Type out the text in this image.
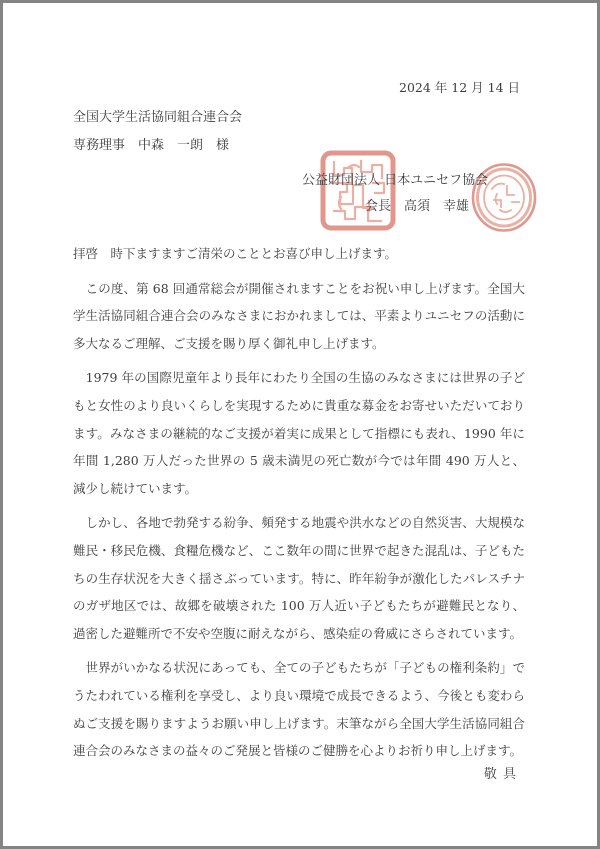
2024 年 12 月 14 日
全国大学生活協同組合連合会
専務理事　中森　一朗　様
公益財団法人 日本ユニセフ協会
会長　高須　幸雄

拝啓　時下ますますご清栄のこととお喜び申し上げます。

　この度、第 68 回通常総会が開催されますことをお祝い申し上げます。全国大学生活協同組合連合会のみなさまにおかれましては、平素よりユニセフの活動に多大なるご理解、ご支援を賜り厚く御礼申し上げます。

　1979 年の国際児童年より長年にわたり全国の生協のみなさまには世界の子どもと女性のより良いくらしを実現するために貴重な募金をお寄せいただいております。みなさまの継続的なご支援が着実に成果として指標にも表れ、1990 年に年間 1,280 万人だった世界の 5 歳未満児の死亡数が今では年間 490 万人と、減少し続けています。

　しかし、各地で勃発する紛争、頻発する地震や洪水などの自然災害、大規模な難民・移民危機、食糧危機など、ここ数年の間に世界で起きた混乱は、子どもたちの生存状況を大きく揺さぶっています。特に、昨年紛争が激化したパレスチナのガザ地区では、故郷を破壊された 100 万人近い子どもたちが避難民となり、過密した避難所で不安や空腹に耐えながら、感染症の脅威にさらされています。

　世界がいかなる状況にあっても、全ての子どもたちが「子どもの権利条約」でうたわれている権利を享受し、より良い環境で成長できるよう、今後とも変わらぬご支援を賜りますようお願い申し上げます。末筆ながら全国大学生活協同組合連合会のみなさまの益々のご発展と皆様のご健勝を心よりお祈り申し上げます。

敬 具
